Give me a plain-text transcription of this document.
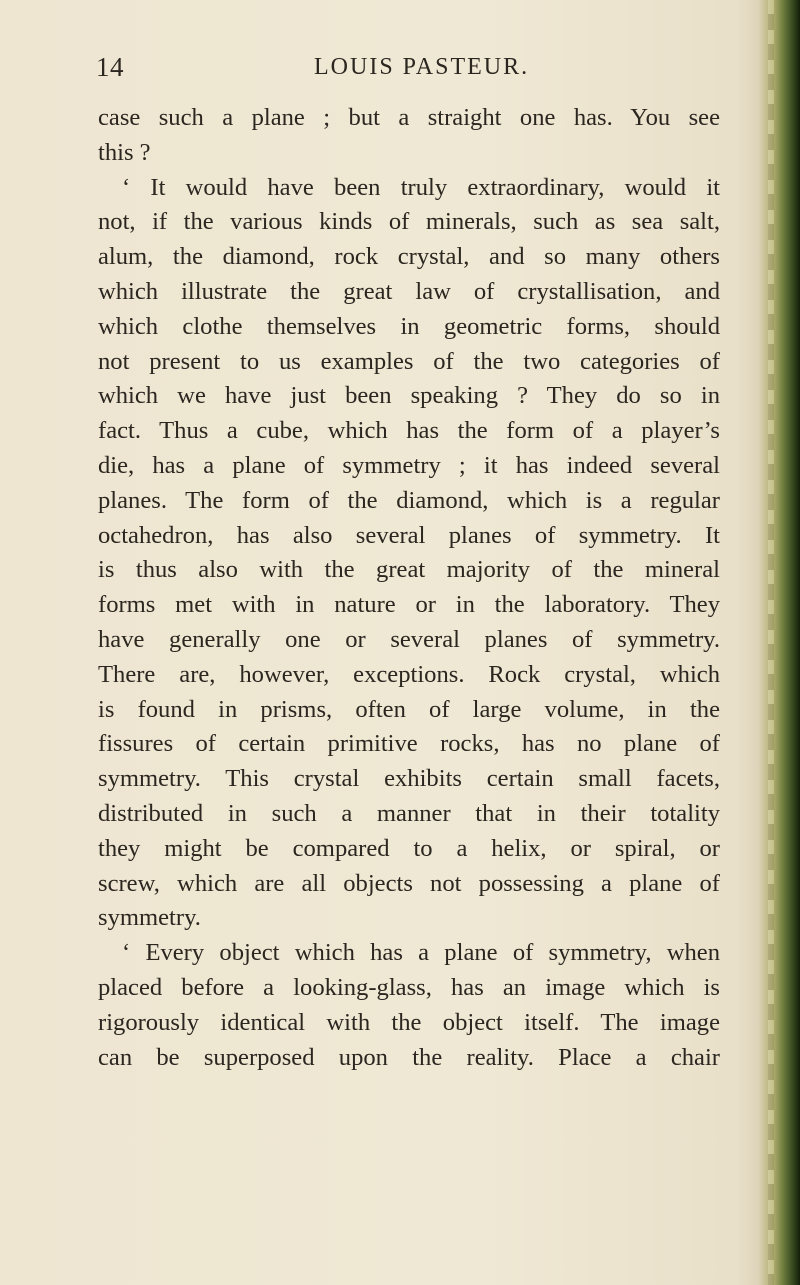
14	LOUIS PASTEUR.
case such a plane ; but a straight one has. You see
this ?
‘ It would have been truly extraordinary, would it
not, if the various kinds of minerals, such as sea salt,
alum, the diamond, rock crystal, and so many others
which illustrate the great law of crystallisation, and
which clothe themselves in geometric forms, should
not present to us examples of the two categories of
which we have just been speaking ? They do so in
fact. Thus a cube, which has the form of a player’s
die, has a plane of symmetry ; it has indeed several
planes. The form of the diamond, which is a regular
octahedron, has also several planes of symmetry. It
is thus also with the great majority of the mineral
forms met with in nature or in the laboratory. They
have generally one or several planes of symmetry.
There are, however, exceptions. Rock crystal, which
is found in prisms, often of large volume, in the
fissures of certain primitive rocks, has no plane of
symmetry. This crystal exhibits certain small facets,
distributed in such a manner that in their totality
they might be compared to a helix, or spiral, or
screw, which are all objects not possessing a plane of
symmetry.
‘ Every object which has a plane of symmetry, when
placed before a looking-glass, has an image which is
rigorously identical with the object itself. The image
can be superposed upon the reality. Place a chair
